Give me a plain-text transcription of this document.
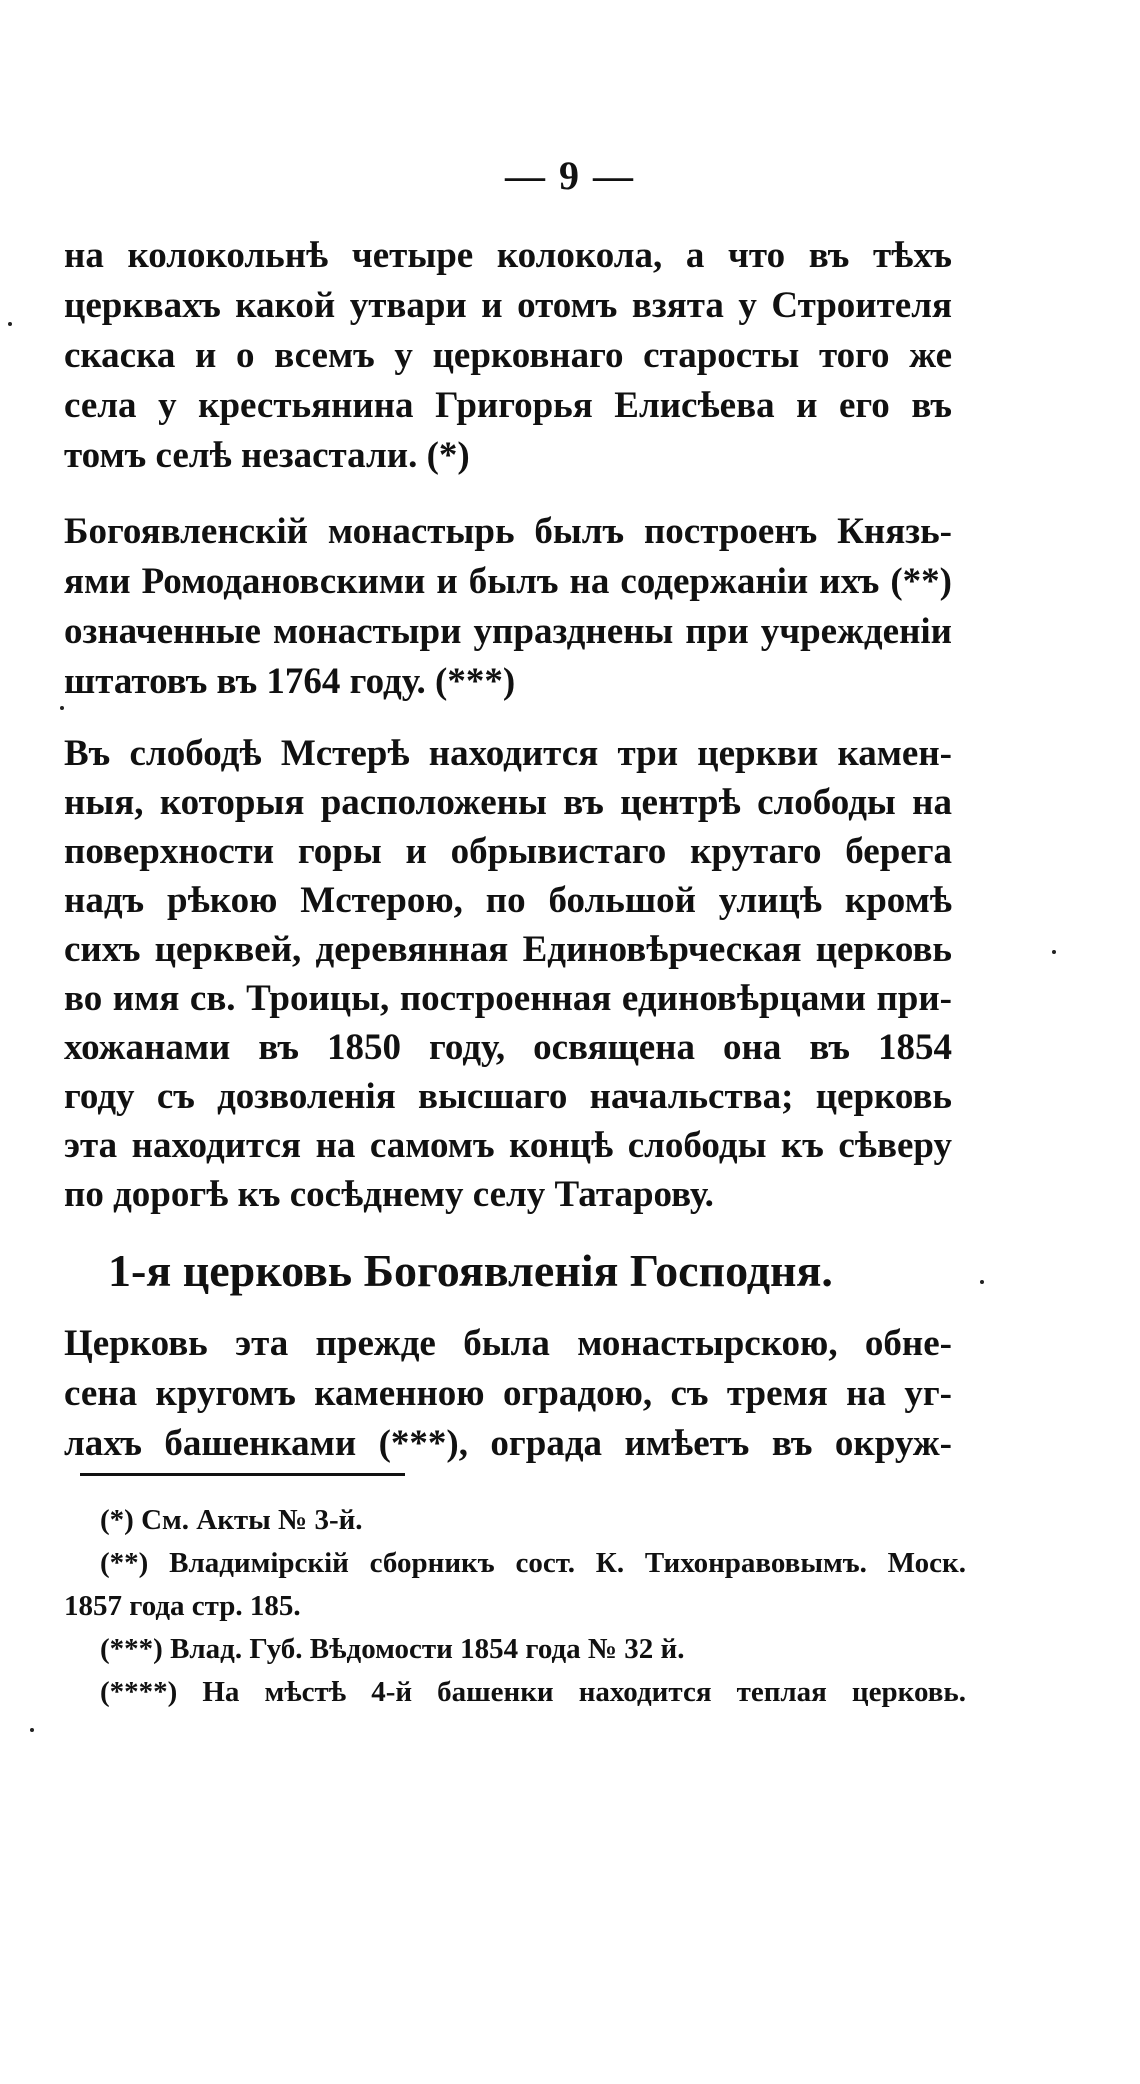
— 9 —
на колокольнѣ четыре колокола, а что въ тѣхъ
церквахъ какой утвари и отомъ взята у Строителя
скаска и о всемъ у церковнаго старосты того же
села у крестьянина Григорья Елисѣева и его въ
томъ селѣ незастали. (*)
Богоявленскій монастырь былъ построенъ Князь-
ями Ромодановскими и былъ на содержаніи ихъ (**)
означенные монастыри упразднены при учрежденіи
штатовъ въ 1764 году. (***)
Въ слободѣ Мстерѣ находится три церкви камен-
ныя, которыя расположены въ центрѣ слободы на
поверхности горы и обрывистаго крутаго берега
надъ рѣкою Мстерою, по большой улицѣ кромѣ
сихъ церквей, деревянная Единовѣрческая церковь
во имя св. Троицы, построенная единовѣрцами при-
хожанами въ 1850 году, освящена она въ 1854
году съ дозволенія высшаго начальства; церковь
эта находится на самомъ концѣ слободы къ сѣверу
по дорогѣ къ сосѣднему селу Татарову.
1-я церковь Богоявленія Господня.
Церковь эта прежде была монастырскою, обне-
сена кругомъ каменною оградою, съ тремя на уг-
лахъ башенками (***), ограда имѣетъ въ окруж-
(*) См. Акты № 3-й.
(**) Владимірскій сборникъ сост. К. Тихонравовымъ. Моск.
1857 года стр. 185.
(***) Влад. Губ. Вѣдомости 1854 года № 32 й.
(****) На мѣстѣ 4-й башенки находится теплая церковь.
